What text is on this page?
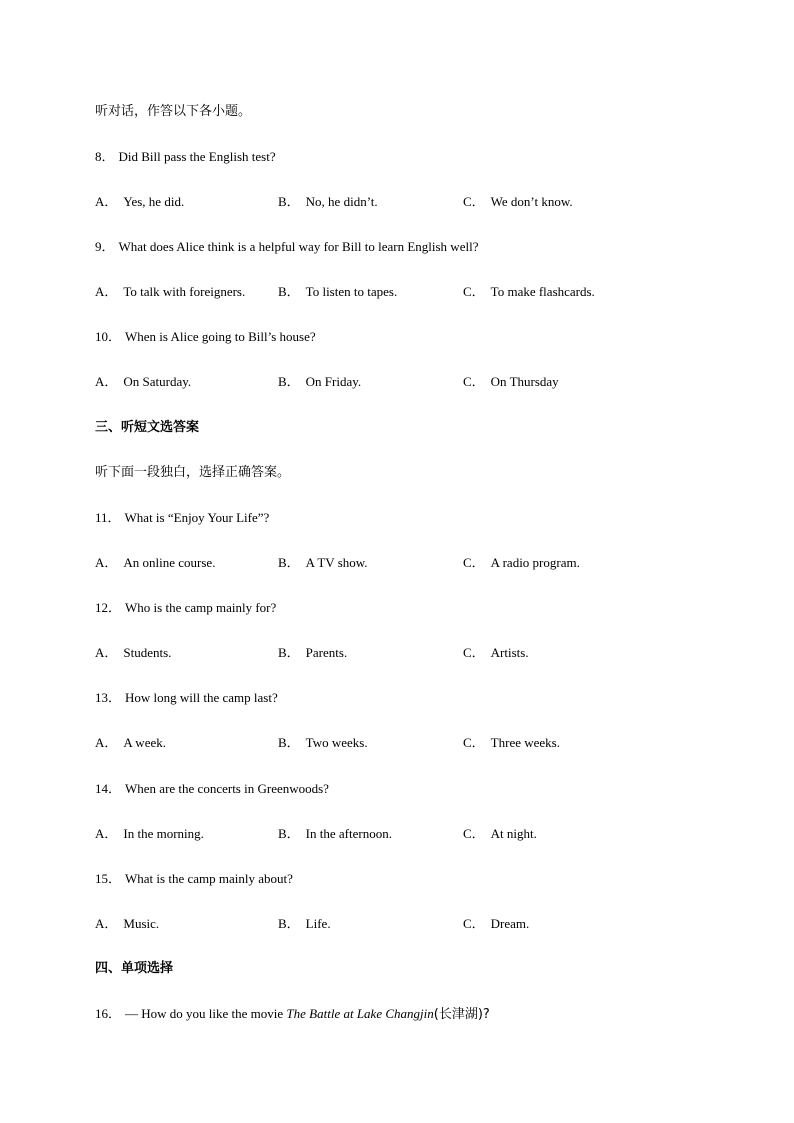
听对话，作答以下各小题。
8． Did Bill pass the English test?
A． Yes, he did.	B． No, he didn’t.	C． We don’t know.
9． What does Alice think is a helpful way for Bill to learn English well?
A． To talk with foreigners.	B． To listen to tapes.	C． To make flashcards.
10． When is Alice going to Bill’s house?
A． On Saturday.	B． On Friday.	C． On Thursday
三、听短文选答案
听下面一段独白，选择正确答案。
11． What is “Enjoy Your Life”?
A． An online course.	B． A TV show.	C． A radio program.
12． Who is the camp mainly for?
A． Students.	B． Parents.	C． Artists.
13． How long will the camp last?
A． A week.	B． Two weeks.	C． Three weeks.
14． When are the concerts in Greenwoods?
A． In the morning.	B． In the afternoon.	C． At night.
15． What is the camp mainly about?
A． Music.	B． Life.	C． Dream.
四、单项选择
16． — How do you like the movie The Battle at Lake Changjin(长津湖)?
